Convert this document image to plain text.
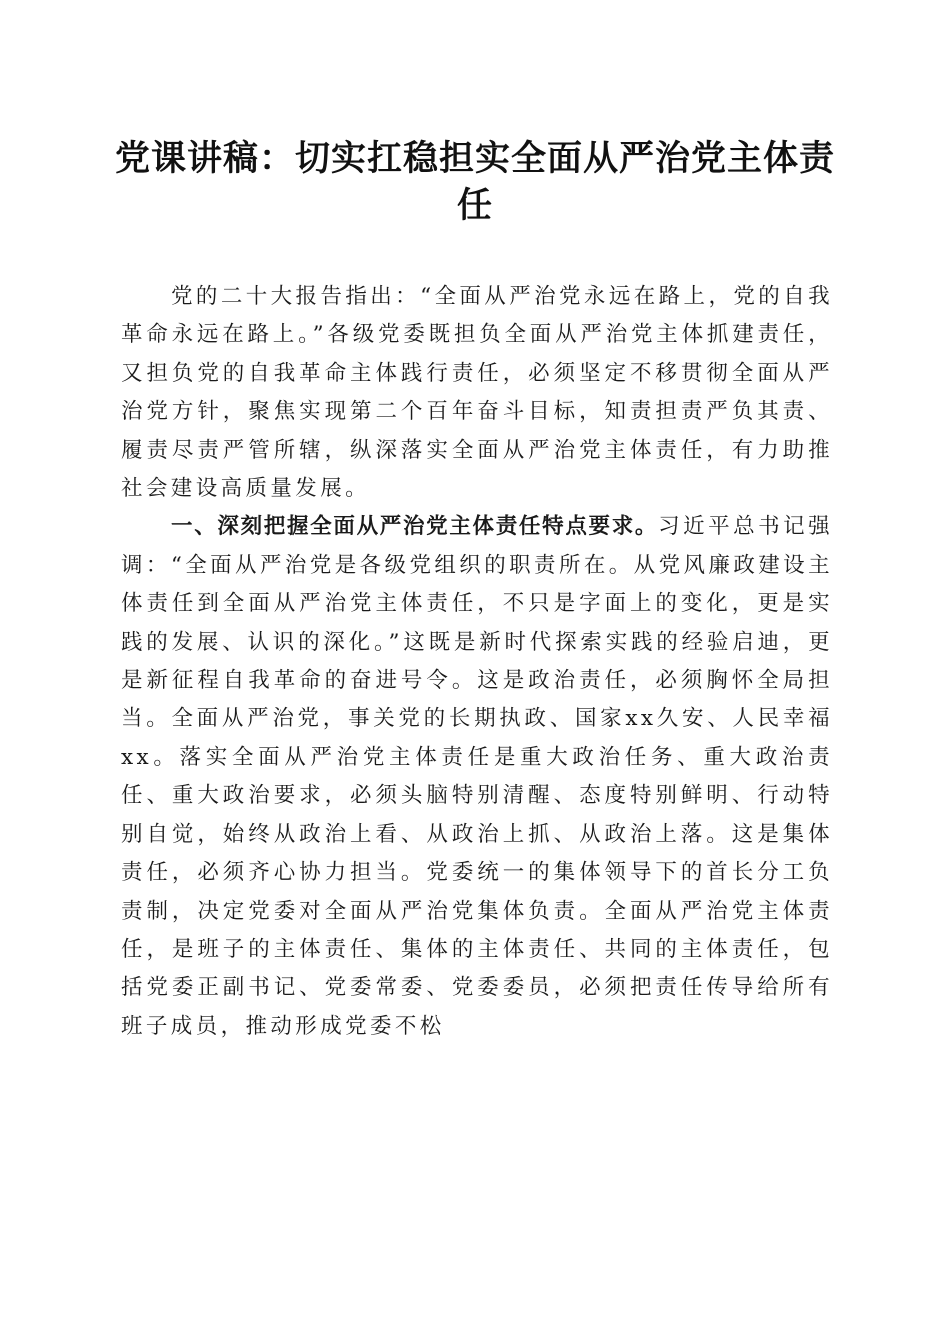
党课讲稿：切实扛稳担实全面从严治党主体责任

党的二十大报告指出：“全面从严治党永远在路上，党的自我革命永远在路上。”各级党委既担负全面从严治党主体抓建责任，又担负党的自我革命主体践行责任，必须坚定不移贯彻全面从严治党方针，聚焦实现第二个百年奋斗目标，知责担责严负其责、履责尽责严管所辖，纵深落实全面从严治党主体责任，有力助推社会建设高质量发展。

一、深刻把握全面从严治党主体责任特点要求。习近平总书记强调：“全面从严治党是各级党组织的职责所在。从党风廉政建设主体责任到全面从严治党主体责任，不只是字面上的变化，更是实践的发展、认识的深化。”这既是新时代探索实践的经验启迪，更是新征程自我革命的奋进号令。这是政治责任，必须胸怀全局担当。全面从严治党，事关党的长期执政、国家xx久安、人民幸福xx。落实全面从严治党主体责任是重大政治任务、重大政治责任、重大政治要求，必须头脑特别清醒、态度特别鲜明、行动特别自觉，始终从政治上看、从政治上抓、从政治上落。这是集体责任，必须齐心协力担当。党委统一的集体领导下的首长分工负责制，决定党委对全面从严治党集体负责。全面从严治党主体责任，是班子的主体责任、集体的主体责任、共同的主体责任，包括党委正副书记、党委常委、党委委员，必须把责任传导给所有班子成员，推动形成党委不松
